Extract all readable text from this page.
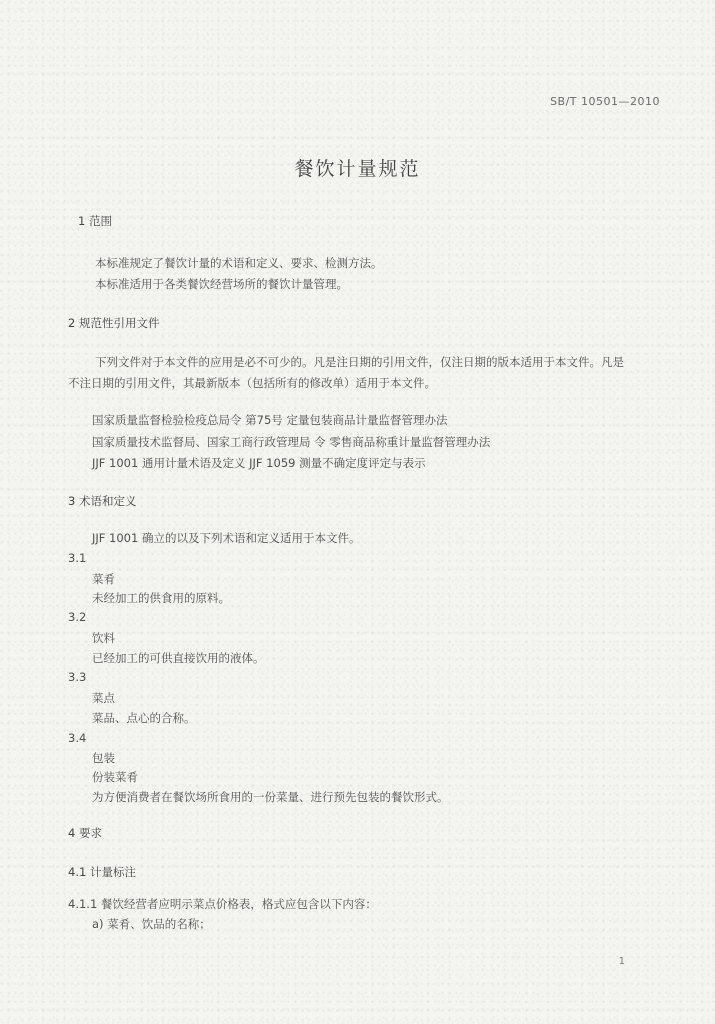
SB/T 10501—2010
餐饮计量规范
1 范围
本标准规定了餐饮计量的术语和定义、要求、检测方法。
本标准适用于各类餐饮经营场所的餐饮计量管理。
2 规范性引用文件
下列文件对于本文件的应用是必不可少的。凡是注日期的引用文件，仅注日期的版本适用于本文件。凡是
不注日期的引用文件，其最新版本（包括所有的修改单）适用于本文件。
国家质量监督检验检疫总局令 第75号 定量包装商品计量监督管理办法
国家质量技术监督局、国家工商行政管理局 令 零售商品称重计量监督管理办法
JJF 1001 通用计量术语及定义 JJF 1059 测量不确定度评定与表示
3 术语和定义
JJF 1001 确立的以及下列术语和定义适用于本文件。
3.1
菜肴
未经加工的供食用的原料。
3.2
饮料
已经加工的可供直接饮用的液体。
3.3
菜点
菜品、点心的合称。
3.4
包装
份装菜肴
为方便消费者在餐饮场所食用的一份菜量、进行预先包装的餐饮形式。
4 要求
4.1 计量标注
4.1.1 餐饮经营者应明示菜点价格表，格式应包含以下内容：
a) 菜肴、饮品的名称；
1
